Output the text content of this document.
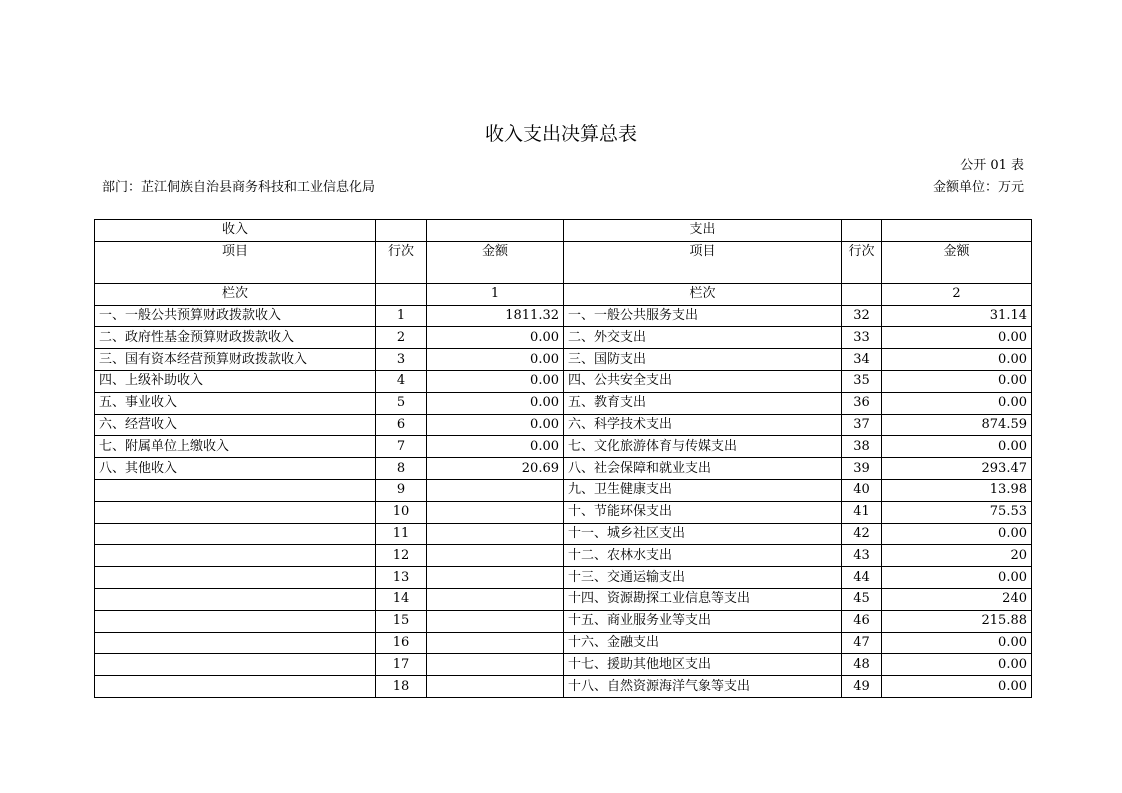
收入支出决算总表
公开 01 表
部门：芷江侗族自治县商务科技和工业信息化局	金额单位：万元
收入			支出		
项目	行次	金额	项目	行次	金额
栏次		1	栏次		2
一、一般公共预算财政拨款收入	1	1811.32	一、一般公共服务支出	32	31.14
二、政府性基金预算财政拨款收入	2	0.00	二、外交支出	33	0.00
三、国有资本经营预算财政拨款收入	3	0.00	三、国防支出	34	0.00
四、上级补助收入	4	0.00	四、公共安全支出	35	0.00
五、事业收入	5	0.00	五、教育支出	36	0.00
六、经营收入	6	0.00	六、科学技术支出	37	874.59
七、附属单位上缴收入	7	0.00	七、文化旅游体育与传媒支出	38	0.00
八、其他收入	8	20.69	八、社会保障和就业支出	39	293.47
	9		九、卫生健康支出	40	13.98
	10		十、节能环保支出	41	75.53
	11		十一、城乡社区支出	42	0.00
	12		十二、农林水支出	43	20
	13		十三、交通运输支出	44	0.00
	14		十四、资源勘探工业信息等支出	45	240
	15		十五、商业服务业等支出	46	215.88
	16		十六、金融支出	47	0.00
	17		十七、援助其他地区支出	48	0.00
	18		十八、自然资源海洋气象等支出	49	0.00
